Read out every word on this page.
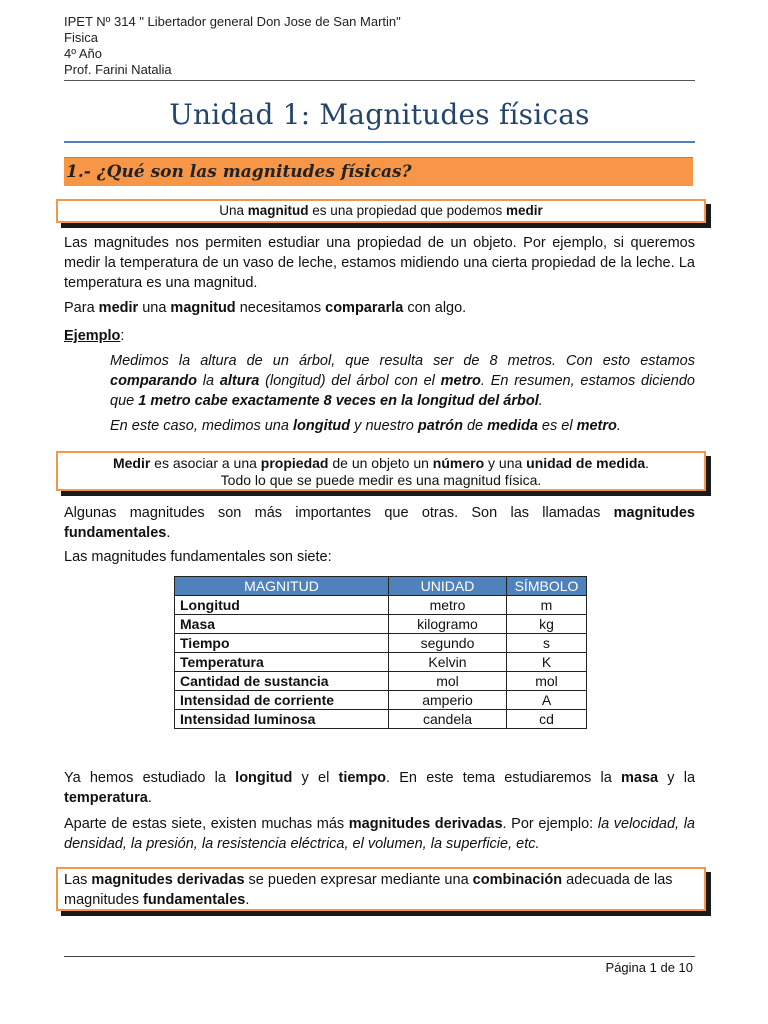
IPET Nº 314 " Libertador general Don Jose de San Martin"
Fisica
4º Año
Prof. Farini Natalia
Unidad 1: Magnitudes físicas
1.- ¿Qué son las magnitudes físicas?
Una magnitud es una propiedad que podemos medir
Las magnitudes nos permiten estudiar una propiedad de un objeto. Por ejemplo, si queremos medir la temperatura de un vaso de leche, estamos midiendo una cierta propiedad de la leche. La temperatura es una magnitud.
Para medir una magnitud necesitamos compararla con algo.
Ejemplo:
Medimos la altura de un árbol, que resulta ser de 8 metros. Con esto estamos comparando la altura (longitud) del árbol con el metro. En resumen, estamos diciendo que 1 metro cabe exactamente 8 veces en la longitud del árbol.
En este caso, medimos una longitud y nuestro patrón de medida es el metro.
Medir es asociar a una propiedad de un objeto un número y una unidad de medida.
Todo lo que se puede medir es una magnitud física.
Algunas magnitudes son más importantes que otras. Son las llamadas magnitudes fundamentales.
Las magnitudes fundamentales son siete:
MAGNITUD	UNIDAD	SÍMBOLO
Longitud	metro	m
Masa	kilogramo	kg
Tiempo	segundo	s
Temperatura	Kelvin	K
Cantidad de sustancia	mol	mol
Intensidad de corriente	amperio	A
Intensidad luminosa	candela	cd
Ya hemos estudiado la longitud y el tiempo. En este tema estudiaremos la masa y la temperatura.
Aparte de estas siete, existen muchas más magnitudes derivadas. Por ejemplo: la velocidad, la densidad, la presión, la resistencia eléctrica, el volumen, la superficie, etc.
Las magnitudes derivadas se pueden expresar mediante una combinación adecuada de las magnitudes fundamentales.
Página 1 de 10
